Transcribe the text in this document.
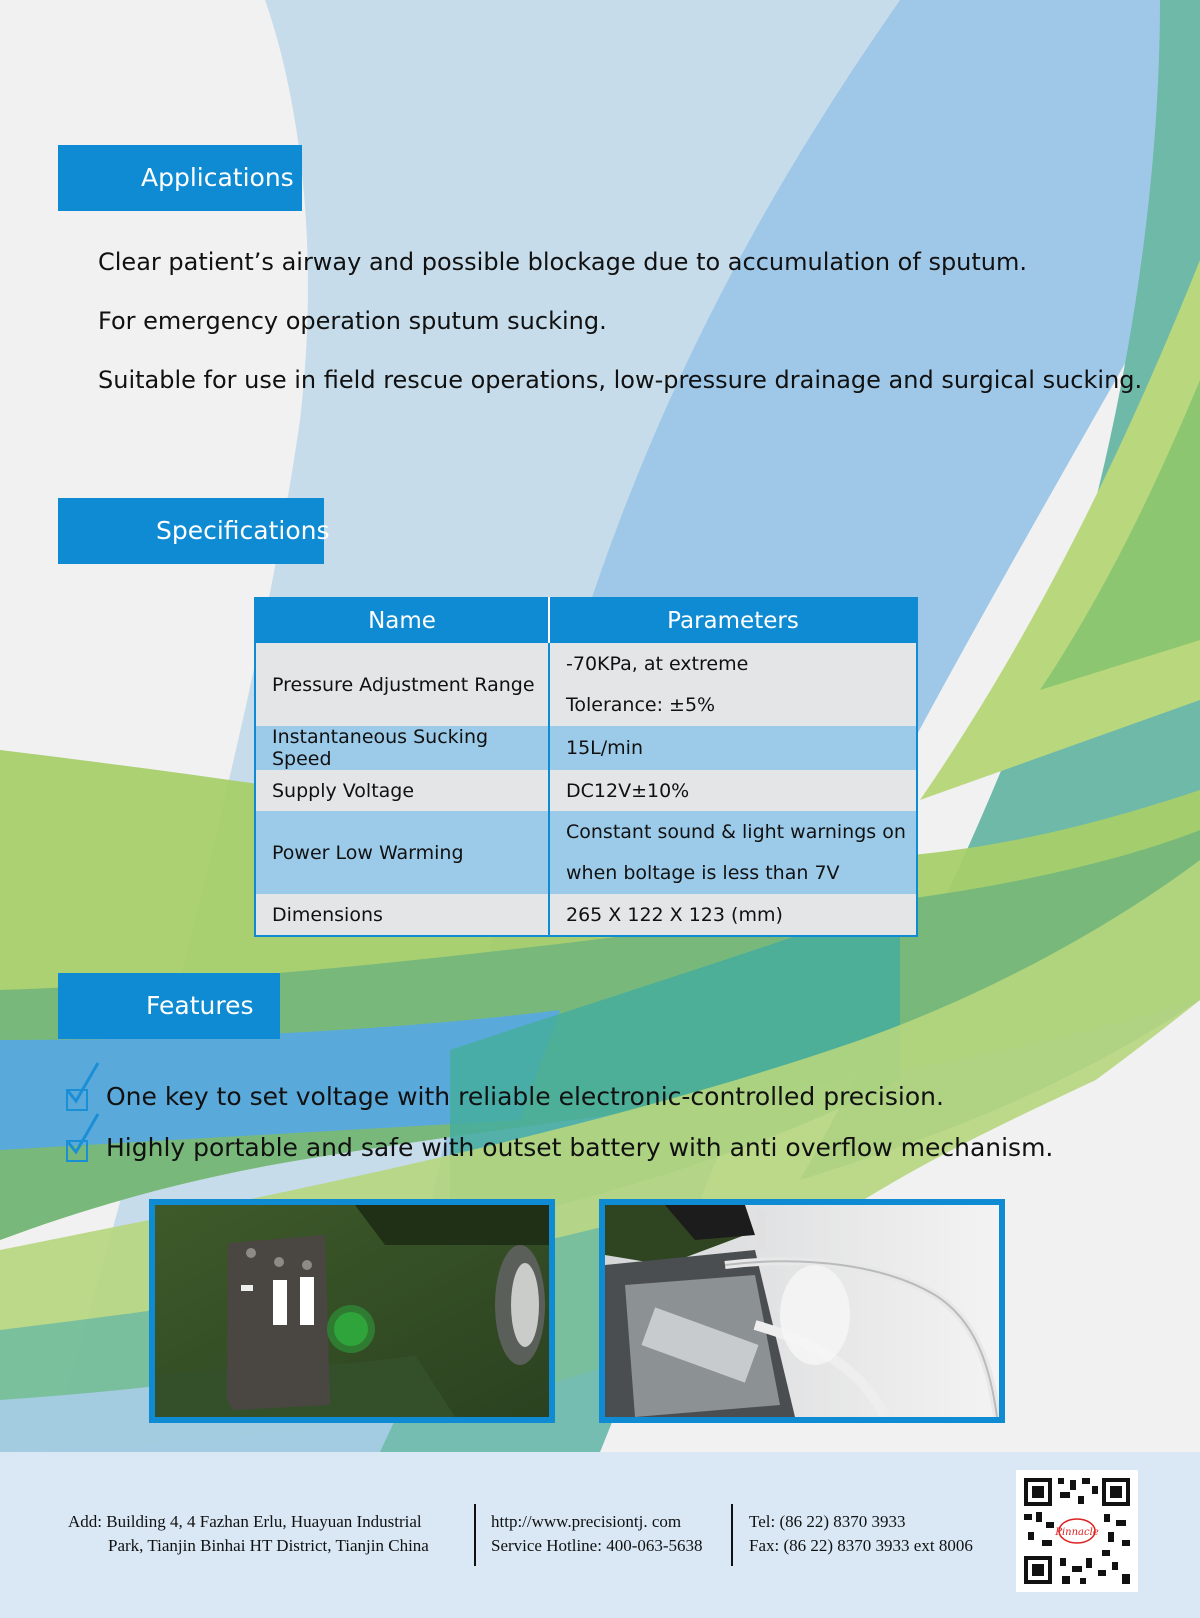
Applications
Clear patient’s airway and possible blockage due to accumulation of sputum.
For emergency operation sputum sucking.
Suitable for use in field rescue operations, low-pressure drainage and surgical sucking.
Specifications
Name	Parameters
Pressure Adjustment Range	-70KPa, at extreme
Tolerance: ±5%

Instantaneous Sucking Speed	15L/min
Supply Voltage	DC12V±10%
Power Low Warming	Constant sound & light warnings on
when boltage is less than 7V

Dimensions	265 X 122 X 123 (mm)
Features
One key to set voltage with reliable electronic-controlled precision.
Highly portable and safe with outset battery with anti overflow mechanism.
Add: Building 4, 4 Fazhan Erlu, Huayuan Industrial
Park, Tianjin Binhai HT District, Tianjin China
http://www.precisiontj. com
Service Hotline: 400-063-5638
Tel: (86 22) 8370 3933
Fax: (86 22) 8370 3933 ext 8006
Pinnacle
